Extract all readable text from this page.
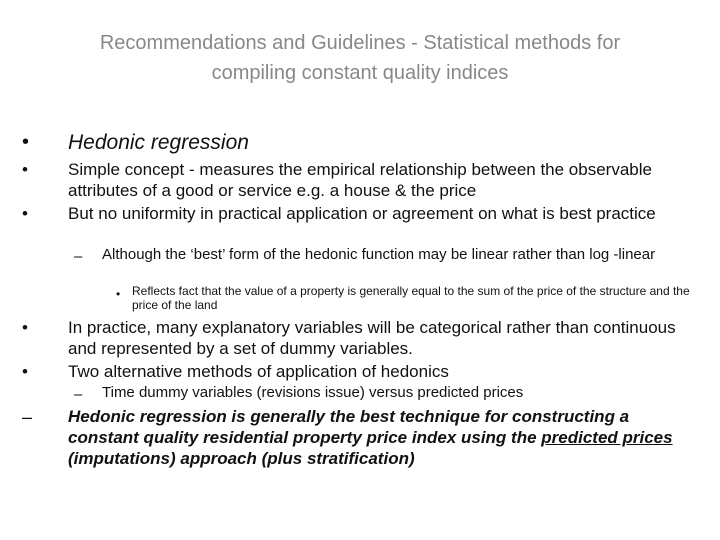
Recommendations and Guidelines - Statistical methods for
compiling constant quality indices
• Hedonic regression
• Simple concept - measures the empirical relationship between the observable attributes of a good or service e.g. a house & the price
• But no uniformity in practical application or agreement on what is best practice
– Although the ‘best’ form of the hedonic function may be linear rather than log -linear
• Reflects fact that the value of a property is generally equal to the sum of the price of the structure and the price of the land
• In practice, many explanatory variables will be categorical rather than continuous and represented by a set of dummy variables.
• Two alternative methods of application of hedonics
– Time dummy variables (revisions issue) versus predicted prices
– Hedonic regression is generally the best technique for constructing a constant quality residential property price index using the predicted prices (imputations) approach (plus stratification)
